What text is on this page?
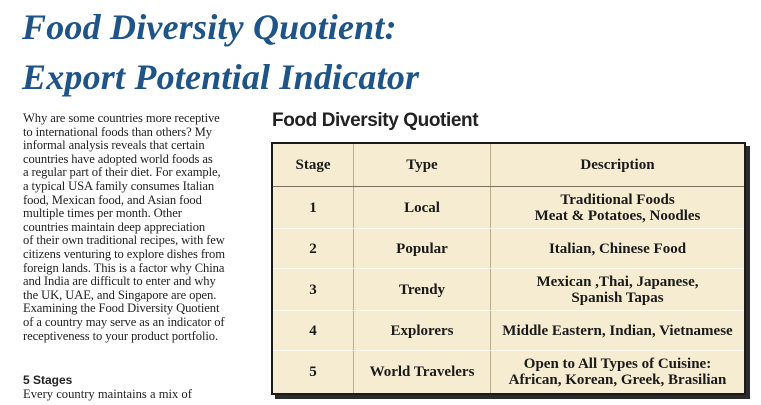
Food Diversity Quotient:
Export Potential Indicator
Why are some countries more receptive
to international foods than others? My
informal analysis reveals that certain
countries have adopted world foods as
a regular part of their diet. For example,
a typical USA family consumes Italian
food, Mexican food, and Asian food
multiple times per month. Other
countries maintain deep appreciation
of their own traditional recipes, with few
citizens venturing to explore dishes from
foreign lands. This is a factor why China
and India are difficult to enter and why
the UK, UAE, and Singapore are open.
Examining the Food Diversity Quotient
of a country may serve as an indicator of
receptiveness to your product portfolio.
5 Stages
Every country maintains a mix of
Food Diversity Quotient
Stage	Type	Description
1	Local	Traditional Foods
Meat & Potatoes, Noodles

2	Popular	Italian, Chinese Food

3	Trendy	Mexican ,Thai, Japanese,
Spanish Tapas

4	Explorers	Middle Eastern, Indian, Vietnamese

5	World Travelers	Open to All Types of Cuisine:
African, Korean, Greek, Brasilian
